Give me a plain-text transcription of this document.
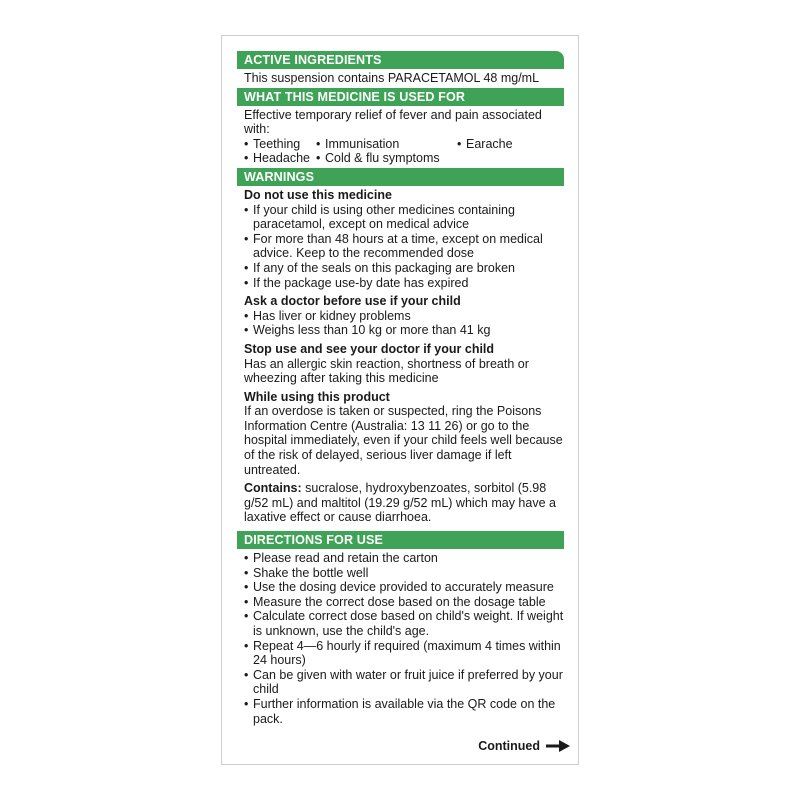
ACTIVE INGREDIENTS

This suspension contains PARACETAMOL 48 mg/mL

WHAT THIS MEDICINE IS USED FOR

Effective temporary relief of fever and pain associated with:

• Teething	• Immunisation	• Earache
• Headache	• Cold & flu symptoms
WARNINGS

Do not use this medicine

• If your child is using other medicines containing paracetamol, except on medical advice
• For more than 48 hours at a time, except on medical advice. Keep to the recommended dose
• If any of the seals on this packaging are broken
• If the package use-by date has expired

Ask a doctor before use if your child

• Has liver or kidney problems
• Weighs less than 10 kg or more than 41 kg

Stop use and see your doctor if your child

Has an allergic skin reaction, shortness of breath or wheezing after taking this medicine

While using this product

If an overdose is taken or suspected, ring the Poisons Information Centre (Australia: 13 11 26) or go to the hospital immediately, even if your child feels well because of the risk of delayed, serious liver damage if left untreated.

Contains: sucralose, hydroxybenzoates, sorbitol (5.98 g/52 mL) and maltitol (19.29 g/52 mL) which may have a laxative effect or cause diarrhoea.

DIRECTIONS FOR USE
• Please read and retain the carton
• Shake the bottle well
• Use the dosing device provided to accurately measure
• Measure the correct dose based on the dosage table
• Calculate correct dose based on child's weight. If weight is unknown, use the child's age.
• Repeat 4—6 hourly if required (maximum 4 times within 24 hours)
• Can be given with water or fruit juice if preferred by your child
• Further information is available via the QR code on the pack.
Continued
